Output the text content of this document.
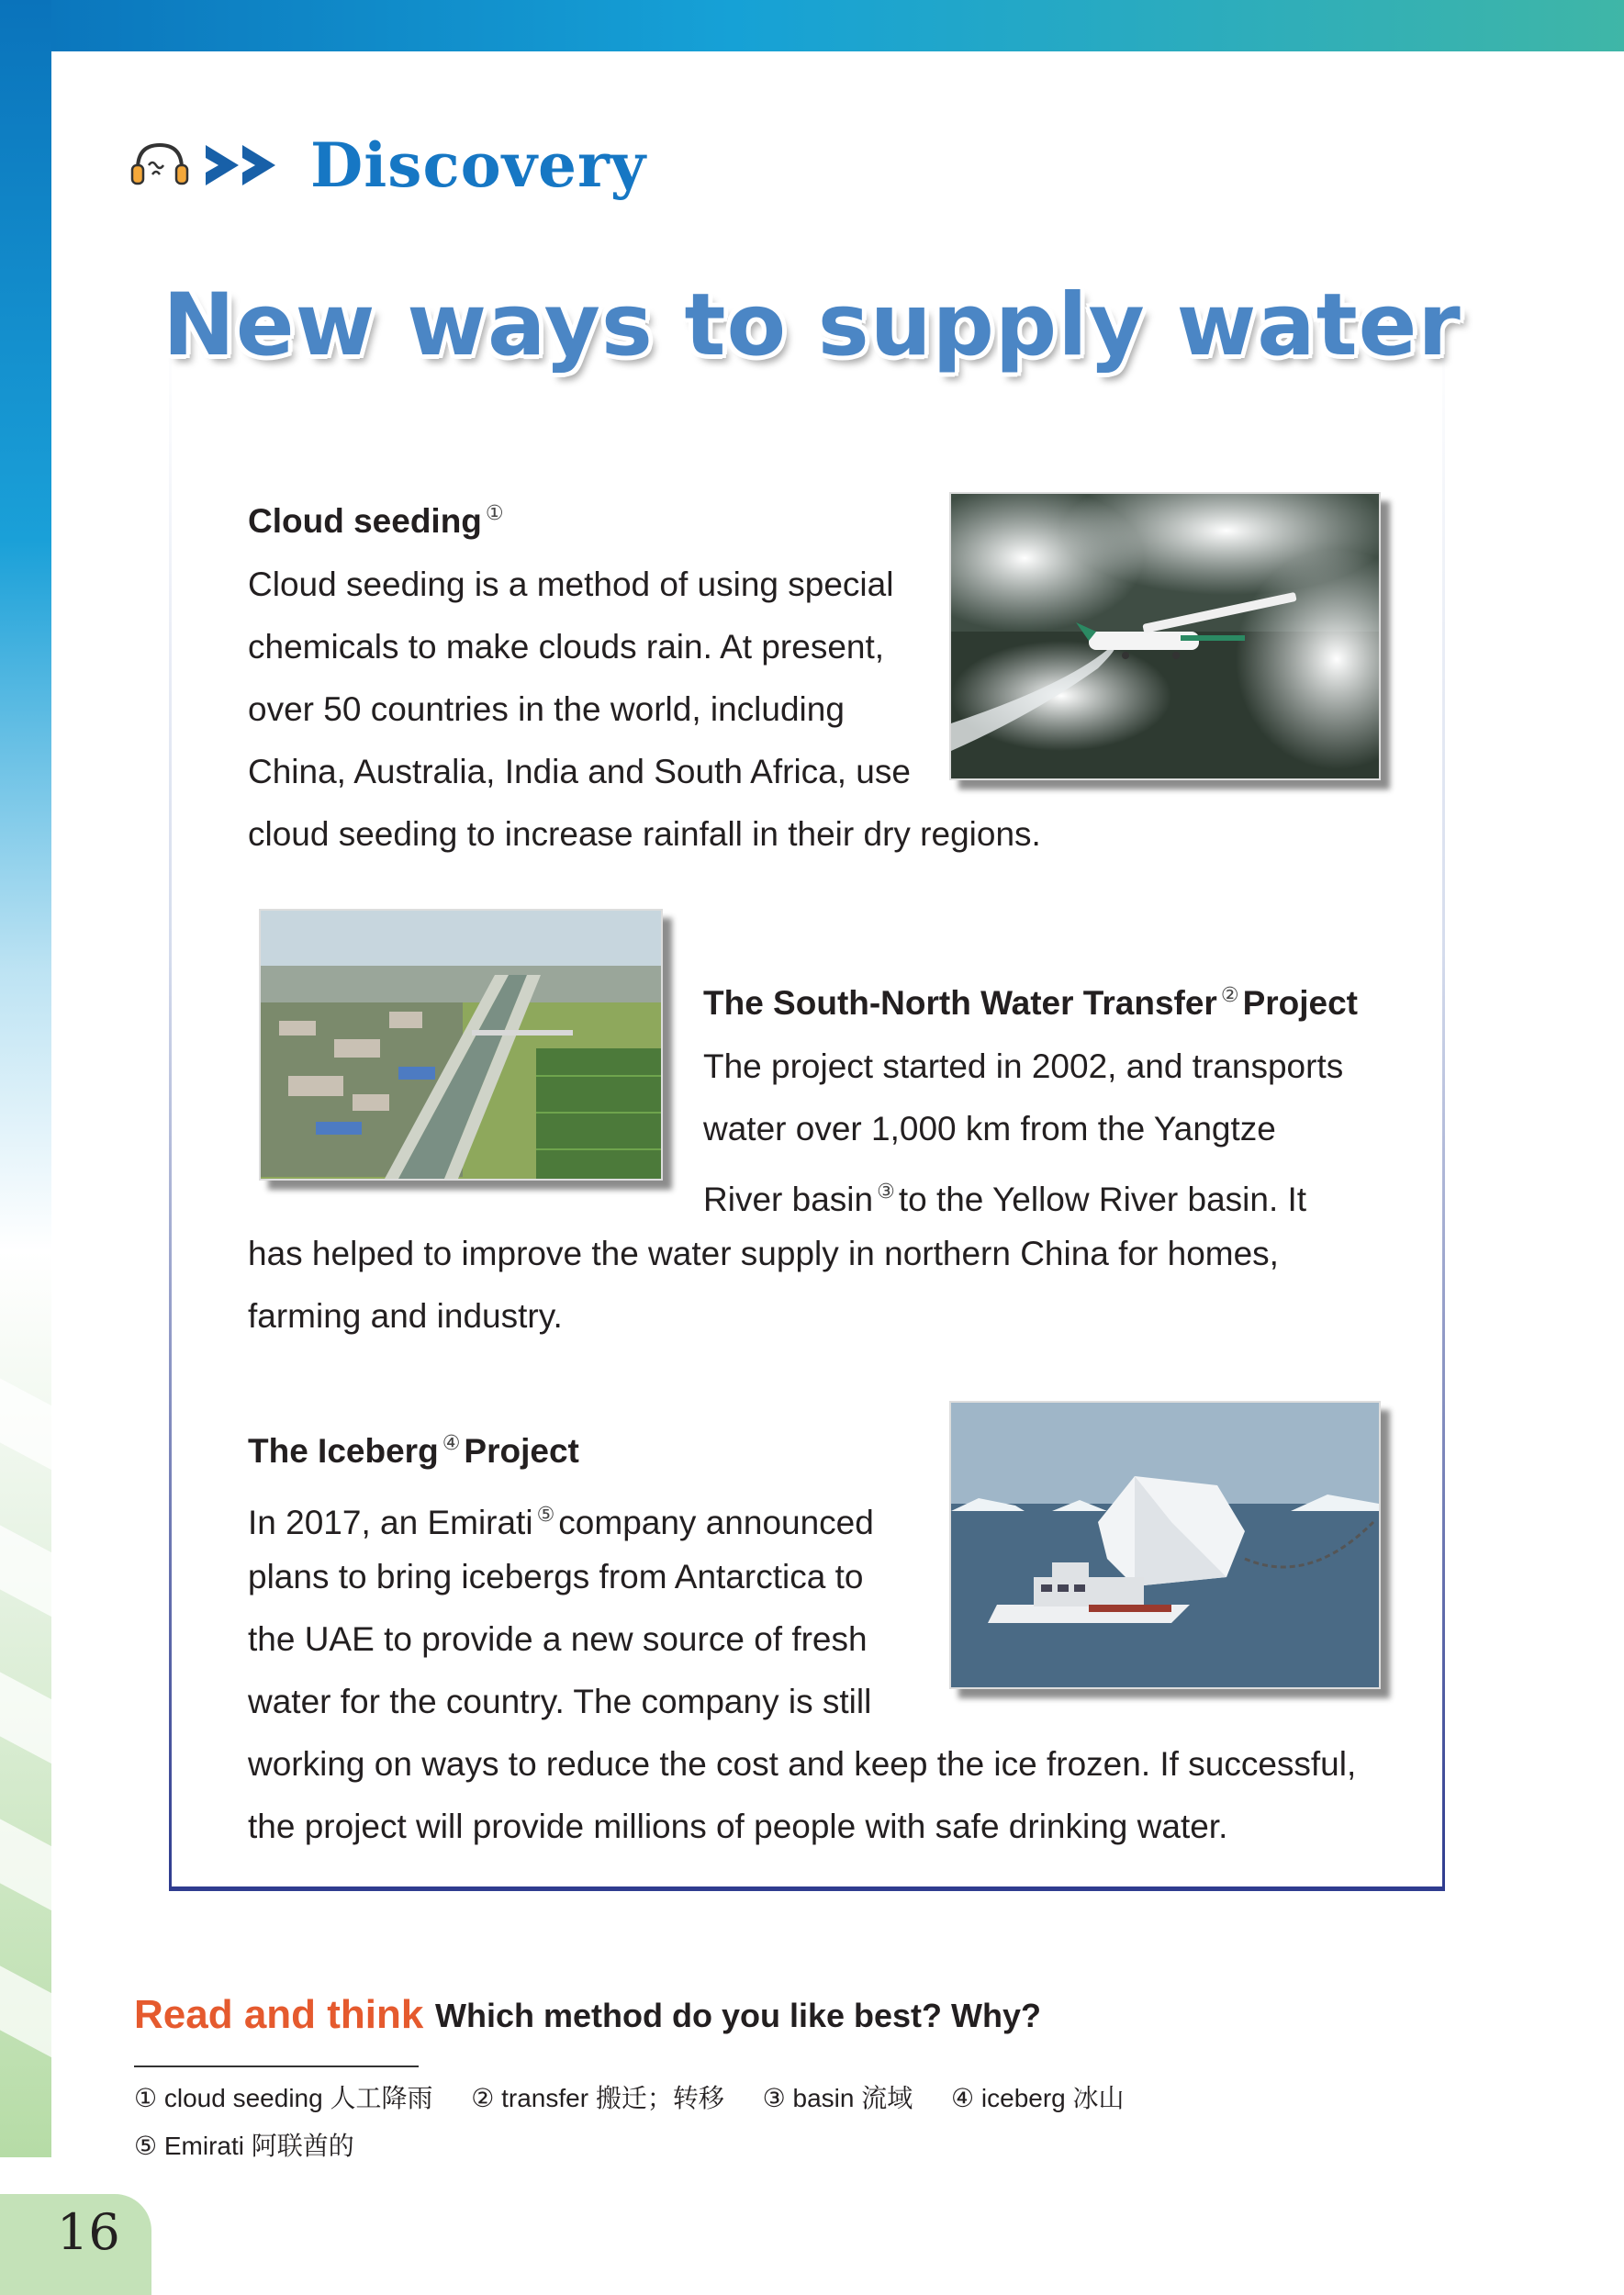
Discovery
New ways to supply water
Cloud seeding ①
Cloud seeding is a method of using special
chemicals to make clouds rain. At present,
over 50 countries in the world, including
China, Australia, India and South Africa, use
cloud seeding to increase rainfall in their dry regions.
The South-North Water Transfer ② Project
The project started in 2002, and transports
water over 1,000 km from the Yangtze
River basin ③ to the Yellow River basin. It
has helped to improve the water supply in northern China for homes,
farming and industry.
The Iceberg ④ Project
In 2017, an Emirati ⑤ company announced
plans to bring icebergs from Antarctica to
the UAE to provide a new source of fresh
water for the country. The company is still
working on ways to reduce the cost and keep the ice frozen. If successful,
the project will provide millions of people with safe drinking water.
Read and think Which method do you like best? Why?
① cloud seeding 人工降雨 ② transfer 搬迁；转移 ③ basin 流域 ④ iceberg 冰山
⑤ Emirati 阿联酋的
16
